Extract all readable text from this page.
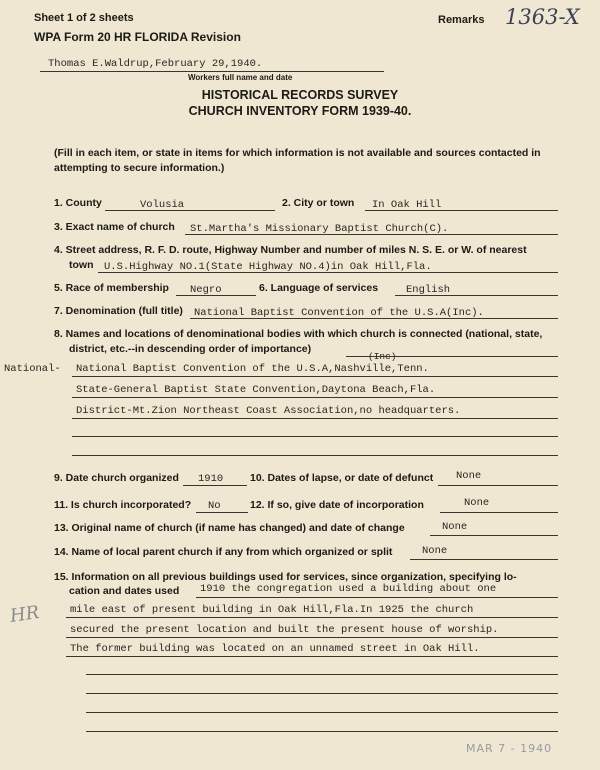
Sheet 1 of 2 sheets
WPA Form 20 HR FLORIDA Revision
Remarks 1363-X
Thomas E.Waldrup,February 29,1940.
Workers full name and date
HISTORICAL RECORDS SURVEY
CHURCH INVENTORY FORM 1939-40.
(Fill in each item, or state in items for which information is not available and sources contacted in attempting to secure information.)
1. County	Volusia	2. City or town In Oak Hill
3. Exact name of church St.Martha's Missionary Baptist Church(C).
4. Street address, R. F. D. route, Highway Number and number of miles N. S. E. or W. of nearest
town U.S.Highway NO.1(State Highway NO.4)in Oak Hill,Fla.
5. Race of membership Negro	6. Language of services	English
7. Denomination (full title) National Baptist Convention of the U.S.A(Inc).
8. Names and locations of denominational bodies with which church is connected (national, state,
district, etc.--in descending order of importance)
National- National Baptist Convention of the U.S.A,Nashville,Tenn.
(Inc)
State-General Baptist State Convention,Daytona Beach,Fla.
District-Mt.Zion Northeast Coast Association,no headquarters.
9. Date church organized 1910	10. Dates of lapse, or date of defunct None
11. Is church incorporated? No	12. If so, give date of incorporation	None
13. Original name of church (if name has changed) and date of change	None
14. Name of local parent church if any from which organized or split	None
15. Information on all previous buildings used for services, since organization, specifying lo-
cation and dates used 1910 the congregation used a building about one
mile east of present building in Oak Hill,Fla.In 1925 the church
secured the present location and built the present house of worship.
The former building was located on an unnamed street in Oak Hill.
HR
MAR 7 - 1940
